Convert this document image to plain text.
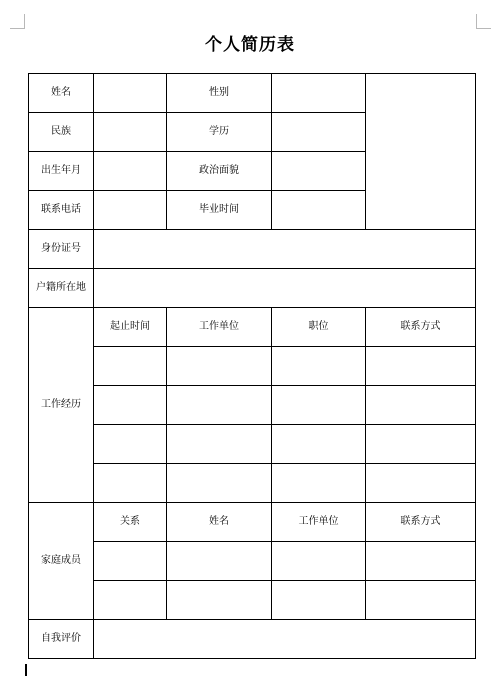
个人简历表
姓名		性别		
民族		学历		
出生年月		政治面貌		
联系电话		毕业时间		
身份证号				
户籍所在地				
工作经历	起止时间	工作单位	职位	联系方式

家庭成员	关系	姓名	工作单位	联系方式

自我评价				
